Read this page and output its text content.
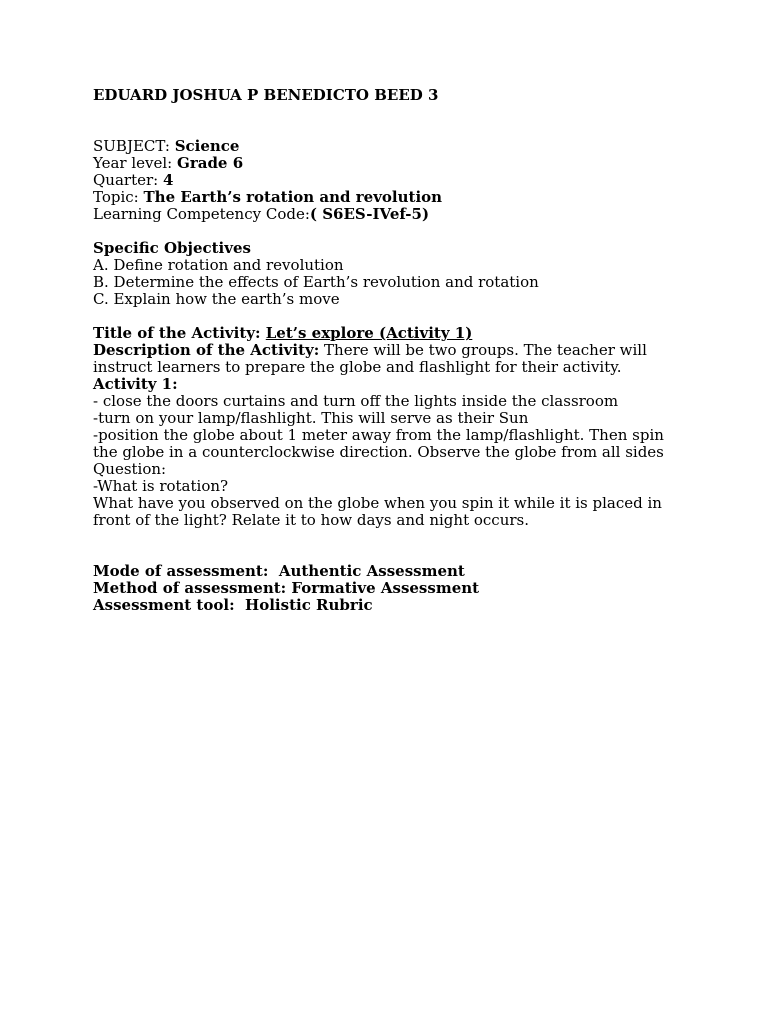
EDUARD JOSHUA P BENEDICTO BEED 3
SUBJECT: Science
Year level: Grade 6
Quarter: 4
Topic: The Earth’s rotation and revolution
Learning Competency Code:( S6ES-IVef-5)
Specific Objectives
A. Define rotation and revolution
B. Determine the effects of Earth’s revolution and rotation
C. Explain how the earth’s move
Title of the Activity: Let’s explore (Activity 1)
Description of the Activity: There will be two groups. The teacher will instruct learners to prepare the globe and flashlight for their activity.
Activity 1:
- close the doors curtains and turn off the lights inside the classroom
-turn on your lamp/flashlight. This will serve as their Sun
-position the globe about 1 meter away from the lamp/flashlight. Then spin the globe in a counterclockwise direction. Observe the globe from all sides
Question:
-What is rotation?
What have you observed on the globe when you spin it while it is placed in front of the light? Relate it to how days and night occurs.
Mode of assessment:  Authentic Assessment
Method of assessment: Formative Assessment
Assessment tool:  Holistic Rubric
